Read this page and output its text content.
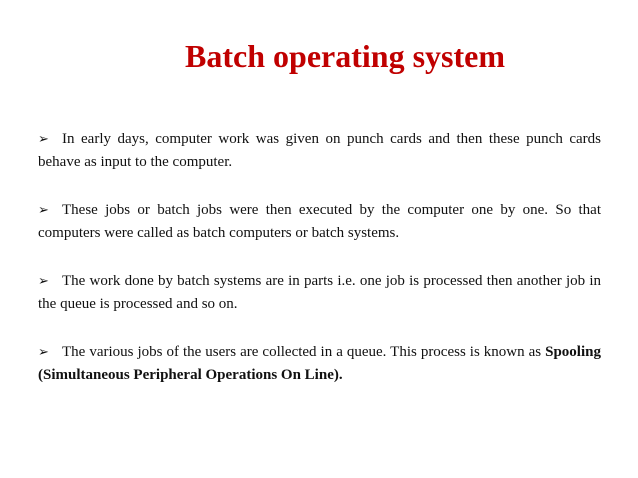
Batch operating system

➢ In early days, computer work was given on punch cards and then these punch cards behave as input to the computer.

➢ These jobs or batch jobs were then executed by the computer one by one. So that computers were called as batch computers or batch systems.

➢ The work done by batch systems are in parts i.e. one job is processed then another job in the queue is processed and so on.

➢ The various jobs of the users are collected in a queue. This process is known as Spooling (Simultaneous Peripheral Operations On Line).
